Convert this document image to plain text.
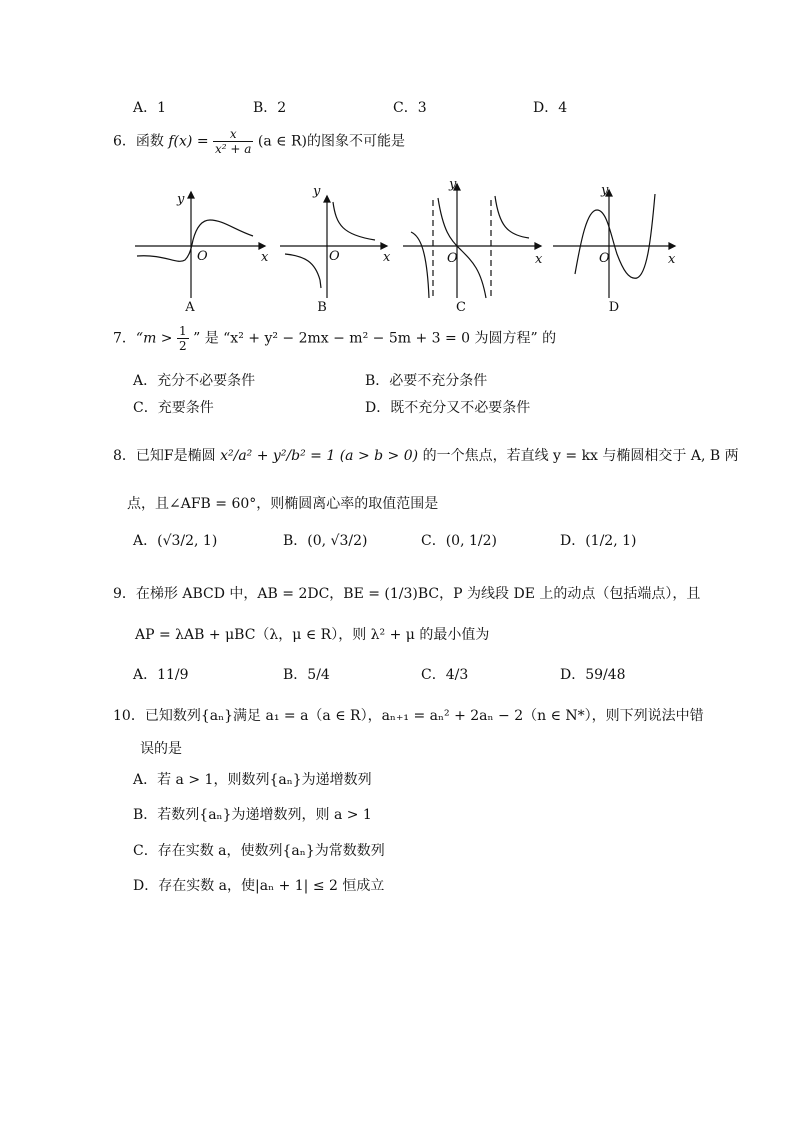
A．1	B．2	C．3	D．4
6．函数 $f(x) = \frac{x}{\text{x² + a}} (a$ ∈ R)的图象不可能是
y
x
O
y
x
O
y
x
O
y
x
O
A	B	C	D
7．“$m > \frac{1}{2}$ ” 是 “x² + y² − 2mx − m² − 5m + 3 = 0 为圆方程” 的
A．充分不必要条件	B．必要不充分条件
C．充要条件	D．既不充分又不必要条件
8．已知F是椭圆 x²/a² + y²/b² = 1 (a > b > 0) 的一个焦点，若直线 y = kx 与椭圆相交于 A, B 两
点，且∠AFB = 60°，则椭圆离心率的取值范围是
A．(√3/2, 1)	B．(0, √3/2)	C．(0, 1/2)	D．(1/2, 1)
9．在梯形 ABCD 中，AB = 2DC，BE = (1/3)BC，P 为线段 DE 上的动点（包括端点），且
AP = λAB + μBC（λ，μ ∈ R），则 λ² + μ 的最小值为
A．11/9	B．5/4	C．4/3	D．59/48
10．已知数列{aₙ}满足 a₁ = a（a ∈ R），aₙ₊₁ = aₙ² + 2aₙ − 2（n ∈ N*），则下列说法中错
误的是
A．若 a > 1，则数列{aₙ}为递增数列
B．若数列{aₙ}为递增数列，则 a > 1
C．存在实数 a，使数列{aₙ}为常数数列
D．存在实数 a，使|aₙ + 1| ≤ 2 恒成立
